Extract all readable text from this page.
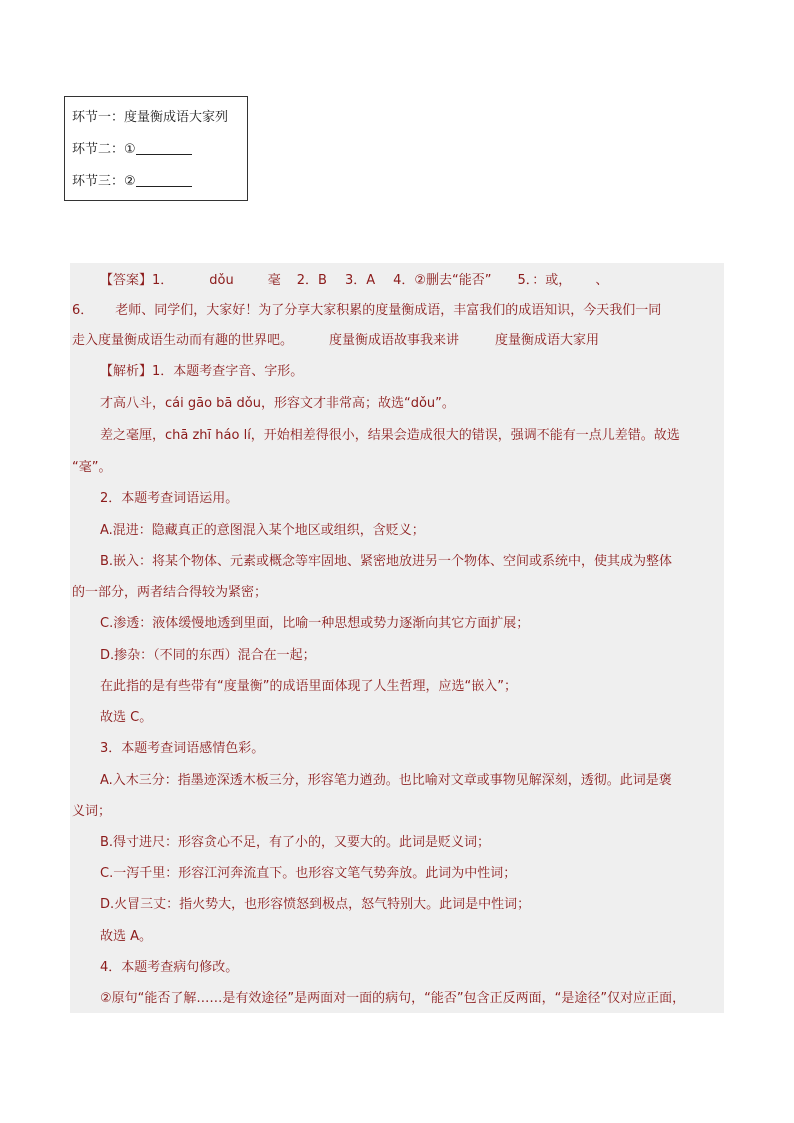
环节一：度量衡成语大家列
环节二：①
环节三：②
【答案】1．	dǒu	毫 2．B 3．A 4．②删去“能否” 5．：或， 、
6． 老师、同学们，大家好！为了分享大家积累的度量衡成语，丰富我们的成语知识，今天我们一同
走入度量衡成语生动而有趣的世界吧。	度量衡成语故事我来讲	度量衡成语大家用
【解析】1．本题考查字音、字形。
才高八斗，cái gāo bā dǒu，形容文才非常高；故选“dǒu”。
差之毫厘，chā zhī háo lí，开始相差得很小，结果会造成很大的错误，强调不能有一点儿差错。故选
“毫”。
2．本题考查词语运用。
A.混进：隐藏真正的意图混入某个地区或组织，含贬义；
B.嵌入：将某个物体、元素或概念等牢固地、紧密地放进另一个物体、空间或系统中，使其成为整体
的一部分，两者结合得较为紧密；
C.渗透：液体缓慢地透到里面，比喻一种思想或势力逐渐向其它方面扩展；
D.掺杂：（不同的东西）混合在一起；
在此指的是有些带有“度量衡”的成语里面体现了人生哲理，应选“嵌入”；
故选 C。
3．本题考查词语感情色彩。
A.入木三分：指墨迹深透木板三分，形容笔力遒劲。也比喻对文章或事物见解深刻，透彻。此词是褒
义词；
B.得寸进尺：形容贪心不足，有了小的，又要大的。此词是贬义词；
C.一泻千里：形容江河奔流直下。也形容文笔气势奔放。此词为中性词；
D.火冒三丈：指火势大，也形容愤怒到极点，怒气特别大。此词是中性词；
故选 A。
4．本题考查病句修改。
②原句“能否了解……是有效途径”是两面对一面的病句，“能否”包含正反两面，“是途径”仅对应正面，
